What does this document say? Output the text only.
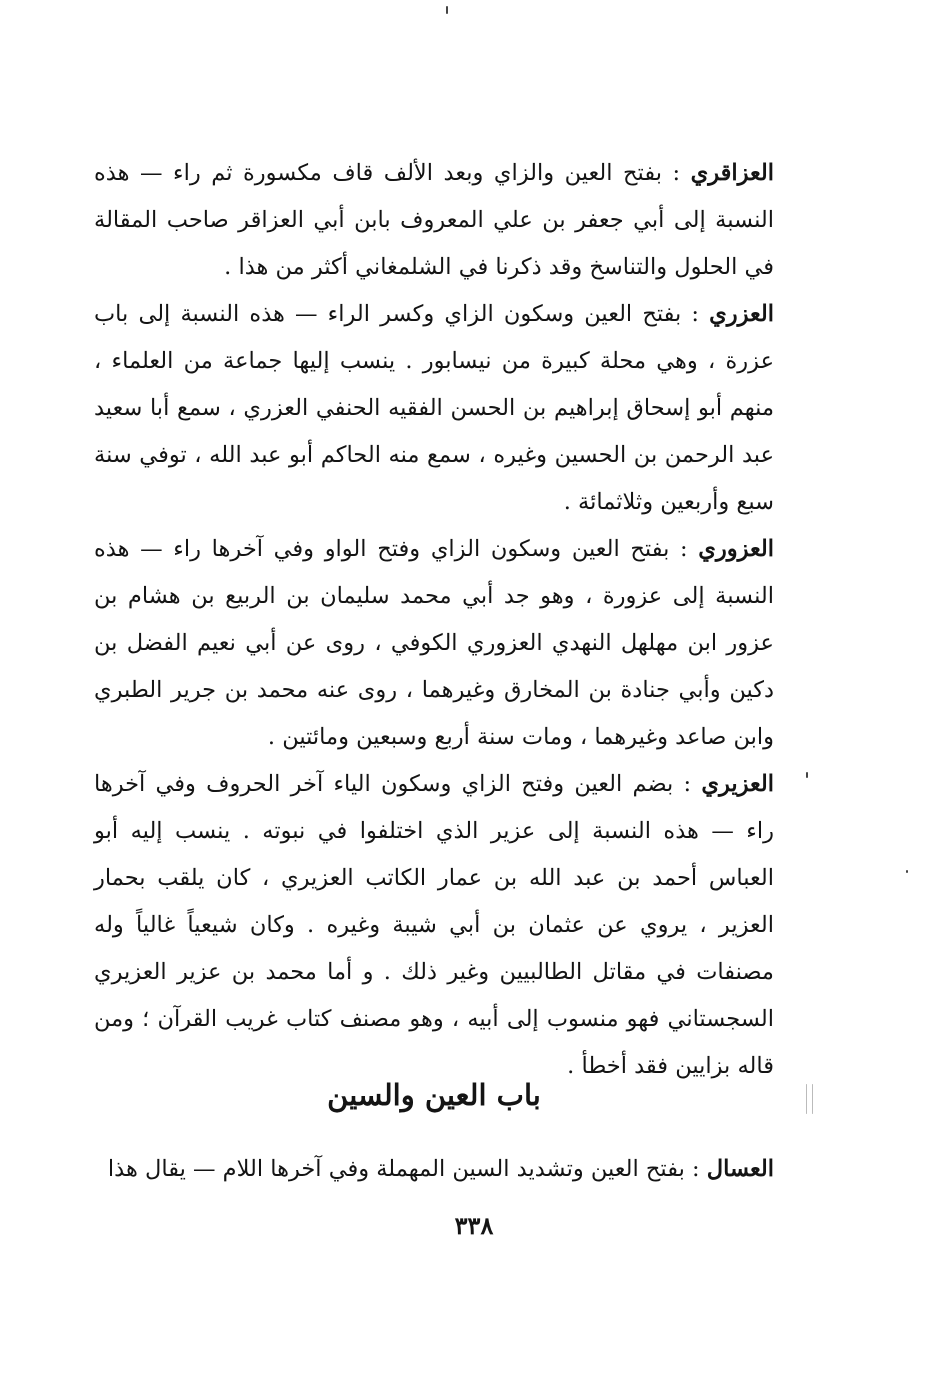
العزاقري : بفتح العين والزاي وبعد الألف قاف مكسورة ثم راء — هذه النسبة إلى أبي جعفر بن علي المعروف بابن أبي العزاقر صاحب المقالة في الحلول والتناسخ وقد ذكرنا في الشلمغاني أكثر من هذا .

العزري : بفتح العين وسكون الزاي وكسر الراء — هذه النسبة إلى باب عزرة ، وهي محلة كبيرة من نيسابور . ينسب إليها جماعة من العلماء ، منهم أبو إسحاق إبراهيم بن الحسن الفقيه الحنفي العزري ، سمع أبا سعيد عبد الرحمن بن الحسين وغيره ، سمع منه الحاكم أبو عبد الله ، توفي سنة سبع وأربعين وثلاثمائة .

العزوري : بفتح العين وسكون الزاي وفتح الواو وفي آخرها راء — هذه النسبة إلى عزورة ، وهو جد أبي محمد سليمان بن الربيع بن هشام بن عزور ابن مهلهل النهدي العزوري الكوفي ، روى عن أبي نعيم الفضل بن دكين وأبي جنادة بن المخارق وغيرهما ، روى عنه محمد بن جرير الطبري وابن صاعد وغيرهما ، ومات سنة أربع وسبعين ومائتين .

العزيري : بضم العين وفتح الزاي وسكون الياء آخر الحروف وفي آخرها راء — هذه النسبة إلى عزير الذي اختلفوا في نبوته . ينسب إليه أبو العباس أحمد بن عبد الله بن عمار الكاتب العزيري ، كان يلقب بحمار العزير ، يروي عن عثمان بن أبي شيبة وغيره . وكان شيعياً غالياً وله مصنفات في مقاتل الطالبيين وغير ذلك . و أما محمد بن عزير العزيري السجستاني فهو منسوب إلى أبيه ، وهو مصنف كتاب غريب القرآن ؛ ومن قاله بزايين فقد أخطأ .

باب العين والسين

العسال : بفتح العين وتشديد السين المهملة وفي آخرها اللام — يقال هذا

٣٣٨
